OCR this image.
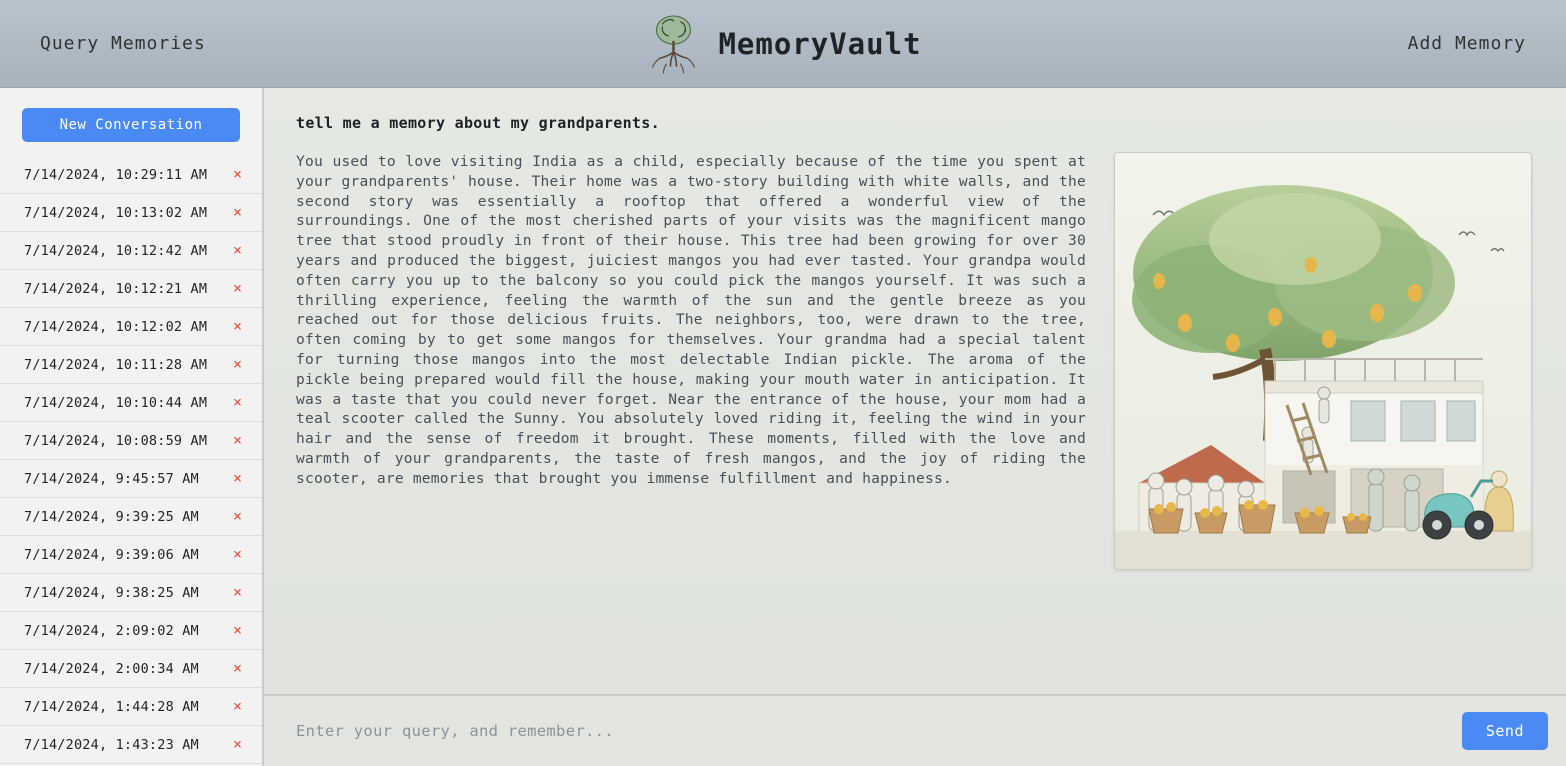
Query Memories	MemoryVault	Add Memory
New Conversation
7/14/2024, 10:29:11 AM	×
7/14/2024, 10:13:02 AM	×
7/14/2024, 10:12:42 AM	×
7/14/2024, 10:12:21 AM	×
7/14/2024, 10:12:02 AM	×
7/14/2024, 10:11:28 AM	×
7/14/2024, 10:10:44 AM	×
7/14/2024, 10:08:59 AM	×
7/14/2024, 9:45:57 AM	×
7/14/2024, 9:39:25 AM	×
7/14/2024, 9:39:06 AM	×
7/14/2024, 9:38:25 AM	×
7/14/2024, 2:09:02 AM	×
7/14/2024, 2:00:34 AM	×
7/14/2024, 1:44:28 AM	×
7/14/2024, 1:43:23 AM	×
tell me a memory about my grandparents.
You used to love visiting India as a child, especially because of the time you spent at your grandparents' house. Their home was a two-story building with white walls, and the second story was essentially a rooftop that offered a wonderful view of the surroundings. One of the most cherished parts of your visits was the magnificent mango tree that stood proudly in front of their house. This tree had been growing for over 30 years and produced the biggest, juiciest mangos you had ever tasted. Your grandpa would often carry you up to the balcony so you could pick the mangos yourself. It was such a thrilling experience, feeling the warmth of the sun and the gentle breeze as you reached out for those delicious fruits. The neighbors, too, were drawn to the tree, often coming by to get some mangos for themselves. Your grandma had a special talent for turning those mangos into the most delectable Indian pickle. The aroma of the pickle being prepared would fill the house, making your mouth water in anticipation. It was a taste that you could never forget. Near the entrance of the house, your mom had a teal scooter called the Sunny. You absolutely loved riding it, feeling the wind in your hair and the sense of freedom it brought. These moments, filled with the love and warmth of your grandparents, the taste of fresh mangos, and the joy of riding the scooter, are memories that brought you immense fulfillment and happiness.
Enter your query, and remember...
Send
